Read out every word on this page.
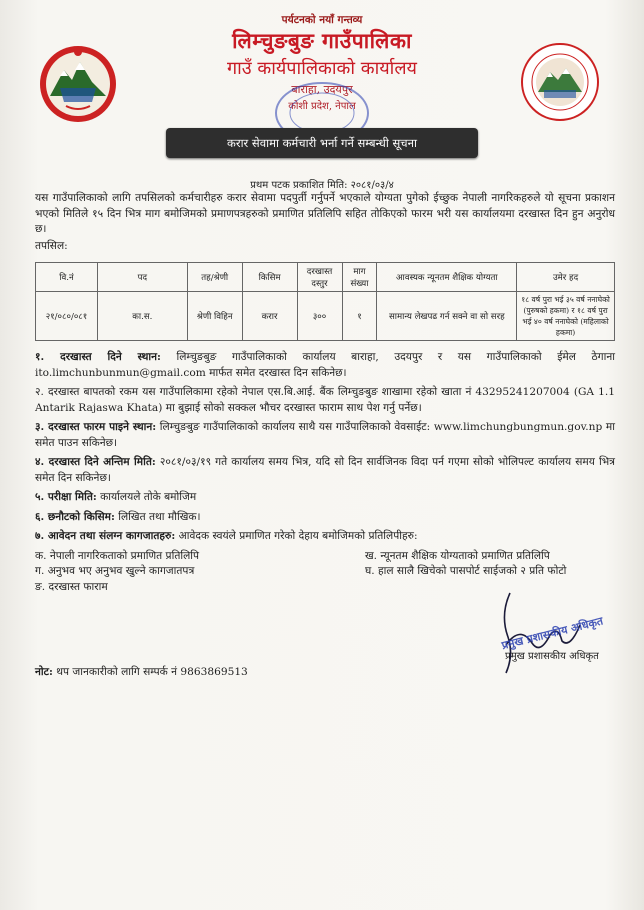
पर्यटनको नयाँ गन्तव्य
लिम्चुङबुङ गाउँपालिका
गाउँ कार्यपालिकाको कार्यालय
बाराहा, उदयपुर
कोशी प्रदेश, नेपाल
करार सेवामा कर्मचारी भर्ना गर्ने सम्बन्धी सूचना
प्रथम पटक प्रकाशित मिति: २०८१/०३/४
यस गाउँपालिकाको लागि तपसिलको कर्मचारीहरु करार सेवामा पदपुर्ती गर्नुपर्ने भएकाले योग्यता पुगेको ईच्छुक नेपाली नागरिकहरुले यो सूचना प्रकाशन भएको मितिले १५ दिन भित्र माग बमोजिमको प्रमाणपत्रहरुको प्रमाणित प्रतिलिपि सहित तोकिएको फारम भरी यस कार्यालयमा दरखास्त दिन हुन अनुरोध छ।
तपसिल:
वि.नं	पद	तह/श्रेणी	किसिम	दरखास्त दस्तुर	माग संख्या	आवस्यक न्यूनतम शैक्षिक योग्यता	उमेर हद
२१/०८०/०८१	का.स.	श्रेणी विहिन	करार	३००	१	सामान्य लेखपढ गर्न सक्ने वा सो सरह	१८ वर्ष पुरा भई ३५ वर्ष ननाघेको (पुरुषको हकमा) र १८ वर्ष पुरा भई ४० वर्ष ननाघेको (महिलाको हकमा)

१. दरखास्त दिने स्थान: लिम्चुङबुङ गाउँपालिकाको कार्यालय बाराहा, उदयपुर र यस गाउँपालिकाको ईमेल ठेगाना ito.limchunbunmun@gmail.com मार्फत समेत दरखास्त दिन सकिनेछ।

२. दरखास्त बापतको रकम यस गाउँपालिकामा रहेको नेपाल एस.बि.आई. बैंक लिम्चुङबुङ शाखामा रहेको खाता नं 43295241207004 (GA 1.1 Antarik Rajaswa Khata) मा बुझाई सोको सक्कल भौचर दरखास्त फाराम साथ पेश गर्नु पर्नेछ।

३. दरखास्त फारम पाइने स्थान: लिम्चुङबुङ गाउँपालिकाको कार्यालय साथै यस गाउँपालिकाको वेवसाईट: www.limchungbungmun.gov.np मा समेत पाउन सकिनेछ।

४. दरखास्त दिने अन्तिम मिति: २०८१/०३/१९ गते कार्यालय समय भित्र, यदि सो दिन सार्वजिनक विदा पर्न गएमा सोको भोलिपल्ट कार्यालय समय भित्र समेत दिन सकिनेछ।

५. परीक्षा मिति: कार्यालयले तोके बमोजिम

६. छनौटको किसिम: लिखित तथा मौखिक।

७. आवेदन तथा संलग्न कागजातहरु: आवेदक स्वयंले प्रमाणित गरेको देहाय बमोजिमको प्रतिलिपीहरु:

क. नेपाली नागरिकताको प्रमाणित प्रतिलिपि	ख. न्यूनतम शैक्षिक योग्यताको प्रमाणित प्रतिलिपि
ग. अनुभव भए अनुभव खुल्ने कागजातपत्र	घ. हाल सालै खिचेको पासपोर्ट साईजको २ प्रति फोटो
ङ. दरखास्त फाराम
प्रमुख प्रशासकीय अधिकृत
प्रमुख प्रशासकीय अधिकृत
नोट: थप जानकारीको लागि सम्पर्क नं 9863869513
